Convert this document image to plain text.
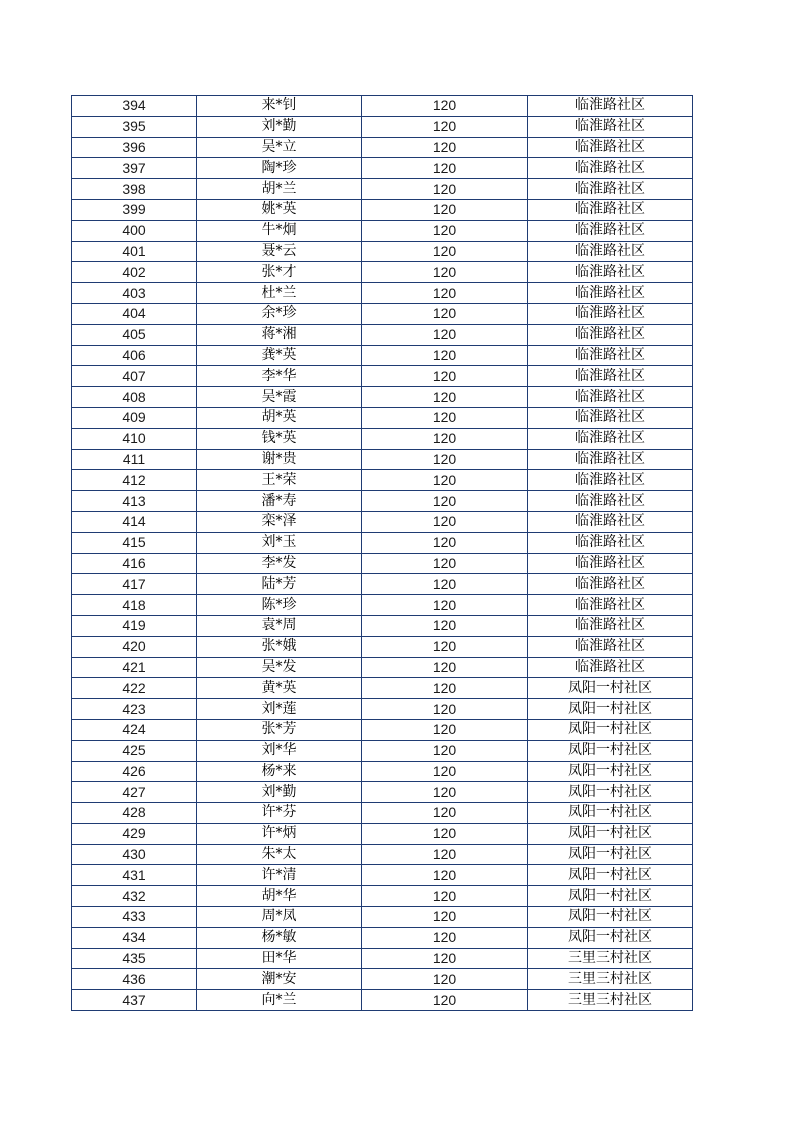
394	来*钊	120	临淮路社区
395	刘*勤	120	临淮路社区
396	吴*立	120	临淮路社区
397	陶*珍	120	临淮路社区
398	胡*兰	120	临淮路社区
399	姚*英	120	临淮路社区
400	牛*炯	120	临淮路社区
401	聂*云	120	临淮路社区
402	张*才	120	临淮路社区
403	杜*兰	120	临淮路社区
404	余*珍	120	临淮路社区
405	蒋*湘	120	临淮路社区
406	龚*英	120	临淮路社区
407	李*华	120	临淮路社区
408	吴*霞	120	临淮路社区
409	胡*英	120	临淮路社区
410	钱*英	120	临淮路社区
411	谢*贵	120	临淮路社区
412	王*荣	120	临淮路社区
413	潘*寿	120	临淮路社区
414	栾*泽	120	临淮路社区
415	刘*玉	120	临淮路社区
416	李*发	120	临淮路社区
417	陆*芳	120	临淮路社区
418	陈*珍	120	临淮路社区
419	袁*周	120	临淮路社区
420	张*娥	120	临淮路社区
421	吴*发	120	临淮路社区
422	黄*英	120	凤阳一村社区
423	刘*莲	120	凤阳一村社区
424	张*芳	120	凤阳一村社区
425	刘*华	120	凤阳一村社区
426	杨*来	120	凤阳一村社区
427	刘*勤	120	凤阳一村社区
428	许*芬	120	凤阳一村社区
429	许*炳	120	凤阳一村社区
430	朱*太	120	凤阳一村社区
431	许*清	120	凤阳一村社区
432	胡*华	120	凤阳一村社区
433	周*凤	120	凤阳一村社区
434	杨*敏	120	凤阳一村社区
435	田*华	120	三里三村社区
436	潮*安	120	三里三村社区
437	向*兰	120	三里三村社区
